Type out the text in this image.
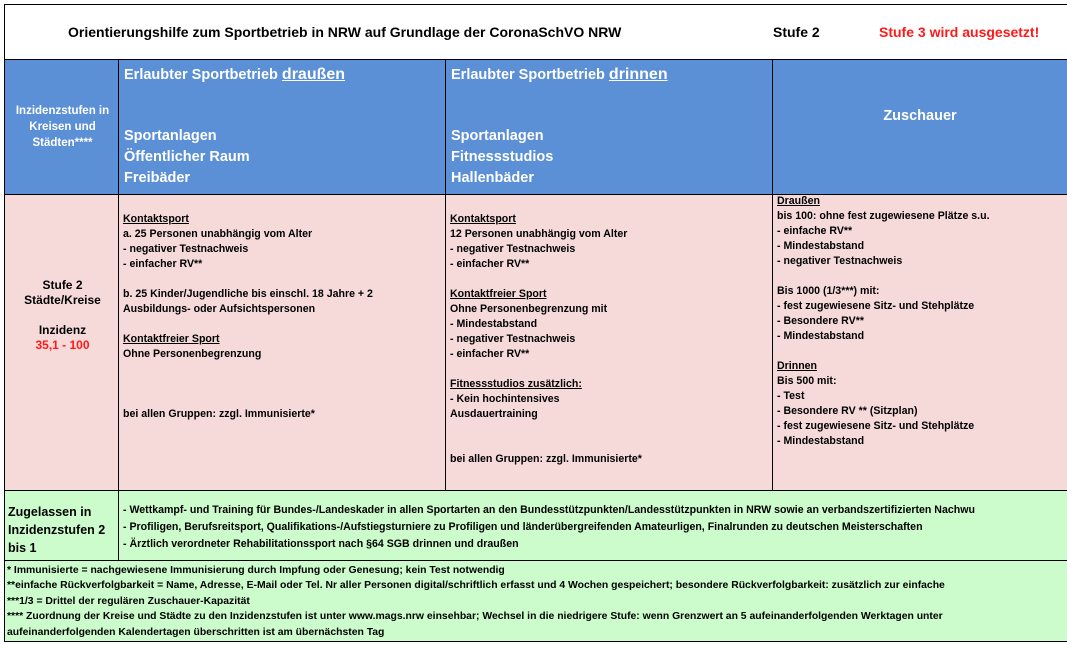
Orientierungshilfe zum Sportbetrieb in NRW auf Grundlage der CoronaSchVO NRW	Stufe 2	Stufe 3 wird ausgesetzt!
Inzidenzstufen in Kreisen und Städten****
Erlaubter Sportbetrieb draußen
Sportanlagen
Öffentlicher Raum
Freibäder
Erlaubter Sportbetrieb drinnen
Sportanlagen
Fitnessstudios
Hallenbäder
Zuschauer
Stufe 2
Städte/Kreise
Inzidenz
35,1 - 100
Kontaktsport
a. 25 Personen unabhängig vom Alter
- negativer Testnachweis
- einfacher RV**
b. 25 Kinder/Jugendliche bis einschl. 18 Jahre + 2
Ausbildungs- oder Aufsichtspersonen
Kontaktfreier Sport
Ohne Personenbegrenzung
bei allen Gruppen: zzgl. Immunisierte*
Kontaktsport
12 Personen unabhängig vom Alter
- negativer Testnachweis
- einfacher RV**
Kontaktfreier Sport
Ohne Personenbegrenzung mit
- Mindestabstand
- negativer Testnachweis
- einfacher RV**
Fitnessstudios zusätzlich:
- Kein hochintensives
Ausdauertraining
bei allen Gruppen: zzgl. Immunisierte*
Draußen
bis 100: ohne fest zugewiesene Plätze s.u.
- einfache RV**
- Mindestabstand
- negativer Testnachweis
Bis 1000 (1/3***) mit:
- fest zugewiesene Sitz- und Stehplätze
- Besondere RV**
- Mindestabstand
Drinnen
Bis 500 mit:
- Test
- Besondere RV ** (Sitzplan)
- fest zugewiesene Sitz- und Stehplätze
- Mindestabstand
Zugelassen in
Inzidenzstufen 2
bis 1
- Wettkampf- und Training für Bundes-/Landeskader in allen Sportarten an den Bundesstützpunkten/Landesstützpunkten in NRW sowie an verbandszertifizierten Nachwu
- Profiligen, Berufsreitsport, Qualifikations-/Aufstiegsturniere zu Profiligen und länderübergreifenden Amateurligen, Finalrunden zu deutschen Meisterschaften
- Ärztlich verordneter Rehabilitationssport nach §64 SGB drinnen und draußen
* Immunisierte = nachgewiesene Immunisierung durch Impfung oder Genesung; kein Test notwendig
**einfache Rückverfolgbarkeit = Name, Adresse, E-Mail oder Tel. Nr aller Personen digital/schriftlich erfasst und 4 Wochen gespeichert; besondere Rückverfolgbarkeit: zusätzlich zur einfache
***1/3 = Drittel der regulären Zuschauer-Kapazität
**** Zuordnung der Kreise und Städte zu den Inzidenzstufen ist unter www.mags.nrw einsehbar; Wechsel in die niedrigere Stufe: wenn Grenzwert an 5 aufeinanderfolgenden Werktagen unter
aufeinanderfolgenden Kalendertagen überschritten ist am übernächsten Tag
